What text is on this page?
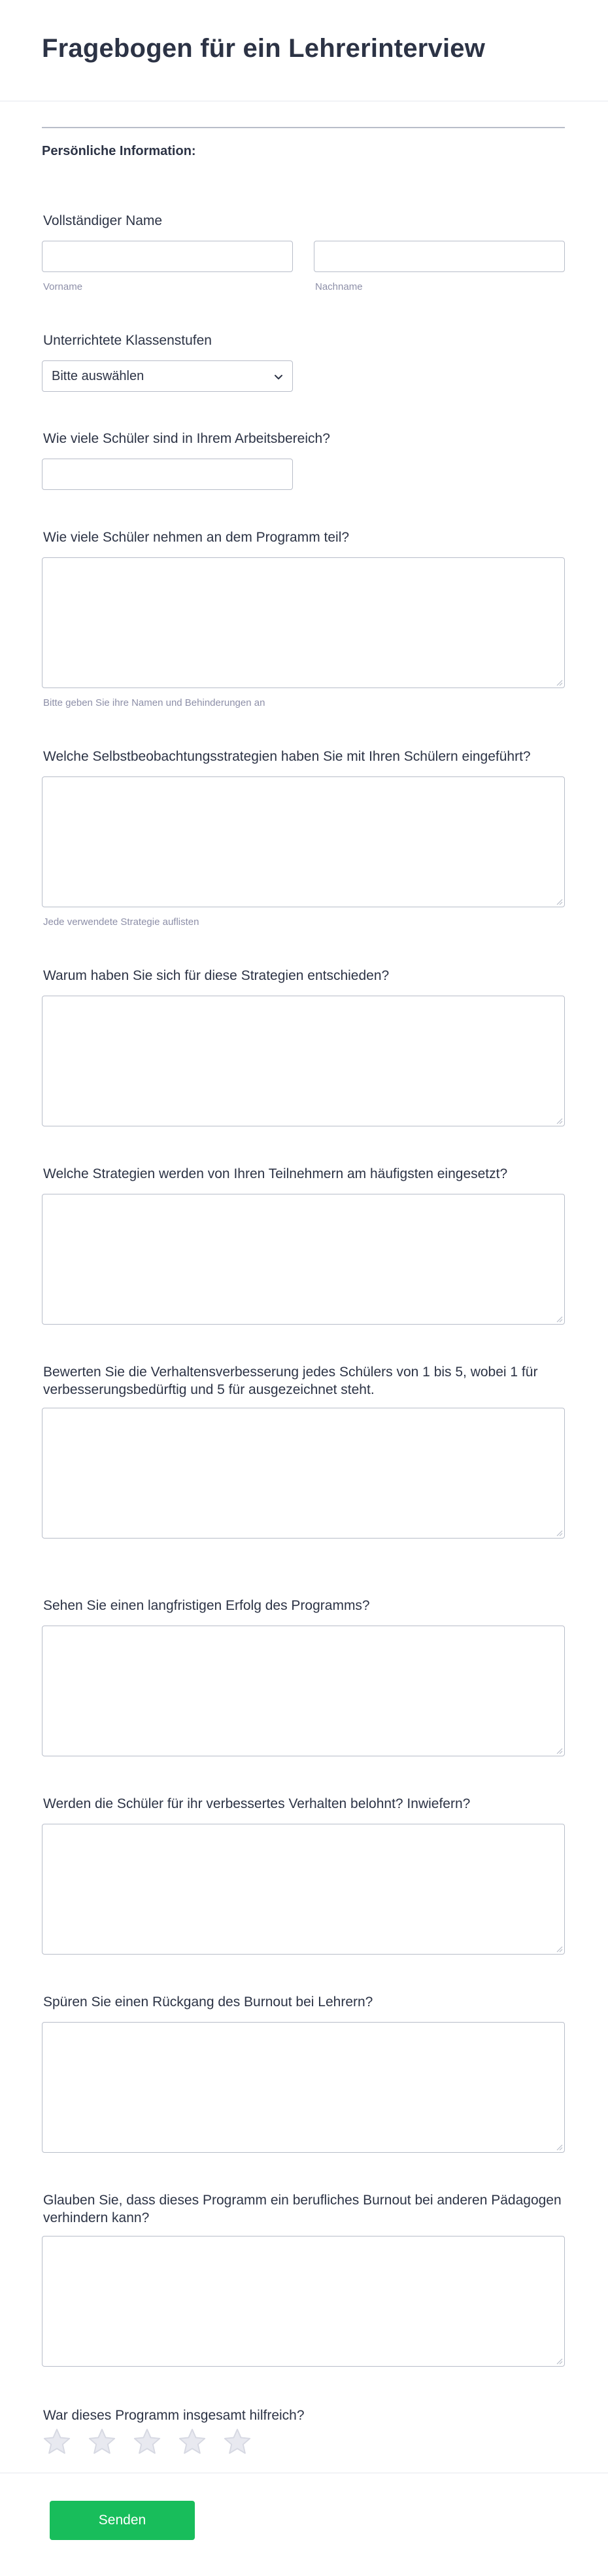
Fragebogen für ein Lehrerinterview
Persönliche Information:
Vollständiger Name
Vorname	Nachname
Unterrichtete Klassenstufen
Bitte auswählen
Wie viele Schüler sind in Ihrem Arbeitsbereich?
Wie viele Schüler nehmen an dem Programm teil?
Bitte geben Sie ihre Namen und Behinderungen an
Welche Selbstbeobachtungsstrategien haben Sie mit Ihren Schülern eingeführt?
Jede verwendete Strategie auflisten
Warum haben Sie sich für diese Strategien entschieden?
Welche Strategien werden von Ihren Teilnehmern am häufigsten eingesetzt?
Bewerten Sie die Verhaltensverbesserung jedes Schülers von 1 bis 5, wobei 1 für verbesserungsbedürftig und 5 für ausgezeichnet steht.
Sehen Sie einen langfristigen Erfolg des Programms?
Werden die Schüler für ihr verbessertes Verhalten belohnt? Inwiefern?
Spüren Sie einen Rückgang des Burnout bei Lehrern?
Glauben Sie, dass dieses Programm ein berufliches Burnout bei anderen Pädagogen verhindern kann?
War dieses Programm insgesamt hilfreich?
Senden
